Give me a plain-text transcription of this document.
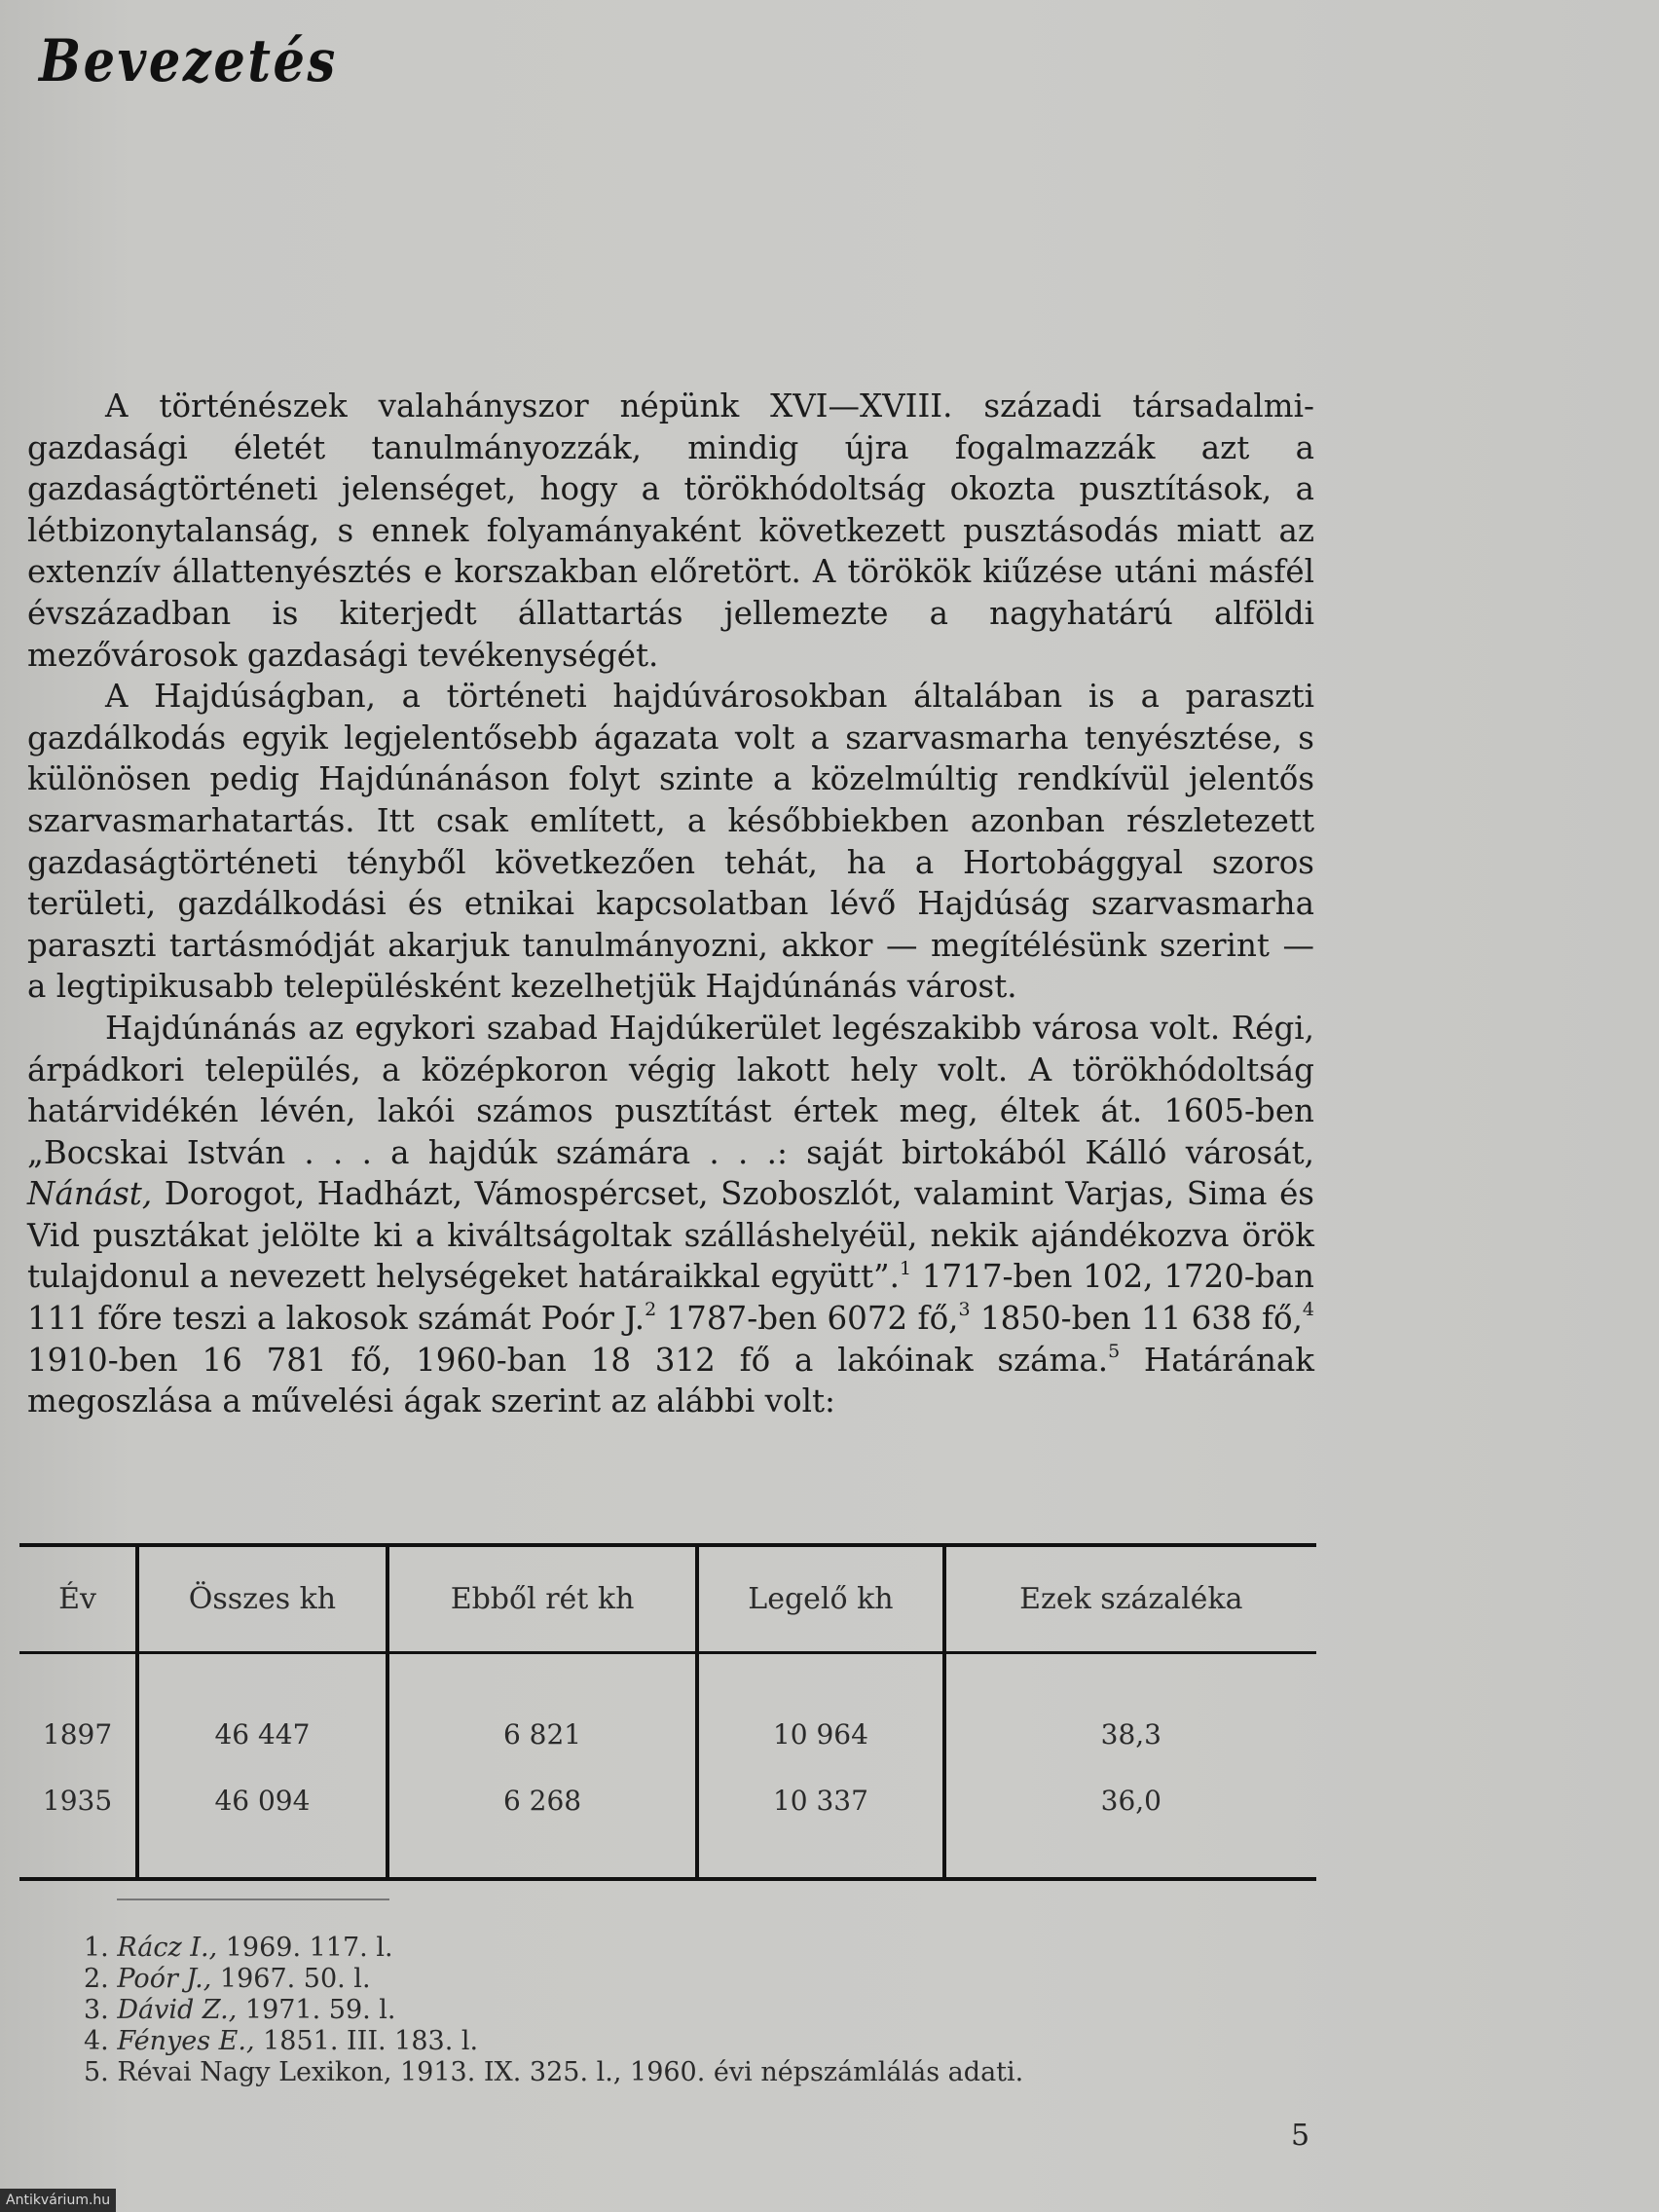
Bevezetés

A történészek valahányszor népünk XVI—XVIII. századi társadalmi-gazdasági életét tanulmányozzák, mindig újra fogalmazzák azt a gazdaságtörténeti jelenséget, hogy a törökhódoltság okozta pusztítások, a létbizonytalanság, s ennek folyamányaként következett pusztásodás miatt az extenzív állattenyésztés e korszakban előretört. A törökök kiűzése utáni másfél évszázadban is kiterjedt állattartás jellemezte a nagyhatárú alföldi mezővárosok gazdasági tevékenységét.

A Hajdúságban, a történeti hajdúvárosokban általában is a paraszti gazdálkodás egyik legjelentősebb ágazata volt a szarvasmarha tenyésztése, s különösen pedig Hajdúnánáson folyt szinte a közelmúltig rendkívül jelentős szarvasmarhatartás. Itt csak említett, a későbbiekben azonban részletezett gazdaságtörténeti tényből következően tehát, ha a Hortobággyal szoros területi, gazdálkodási és etnikai kapcsolatban lévő Hajdúság szarvasmarha paraszti tartásmódját akarjuk tanulmányozni, akkor — megítélésünk szerint — a legtipikusabb településként kezelhetjük Hajdúnánás várost.

Hajdúnánás az egykori szabad Hajdúkerület legészakibb városa volt. Régi, árpádkori település, a középkoron végig lakott hely volt. A törökhódoltság határvidékén lévén, lakói számos pusztítást értek meg, éltek át. 1605-ben „Bocskai István . . . a hajdúk számára . . .: saját birtokából Kálló városát, Nánást, Dorogot, Hadházt, Vámospércset, Szoboszlót, valamint Varjas, Sima és Vid pusztákat jelölte ki a kiváltságoltak szálláshelyéül, nekik ajándékozva örök tulajdonul a nevezett helységeket határaikkal együtt”.$^1$ 1717-ben 102, 1720-ban 111 főre teszi a lakosok számát Poór J.$^2$ 1787-ben 6072 fő,$^3$ 1850-ben 11 638 fő,$^4$ 1910-ben 16 781 fő, 1960-ban 18 312 fő a lakóinak száma.$^5$ Határának megoszlása a művelési ágak szerint az alábbi volt:

Év	Összes kh	Ebből rét kh	Legelő kh	Ezek százaléka
1897	46 447	6 821	10 964	38,3
1935	46 094	6 268	10 337	36,0
1. Rácz I., 1969. 117. l.
2. Poór J., 1967. 50. l.
3. Dávid Z., 1971. 59. l.
4. Fényes E., 1851. III. 183. l.
5. Révai Nagy Lexikon, 1913. IX. 325. l., 1960. évi népszámlálás adati.
5
Antikvárium.hu
